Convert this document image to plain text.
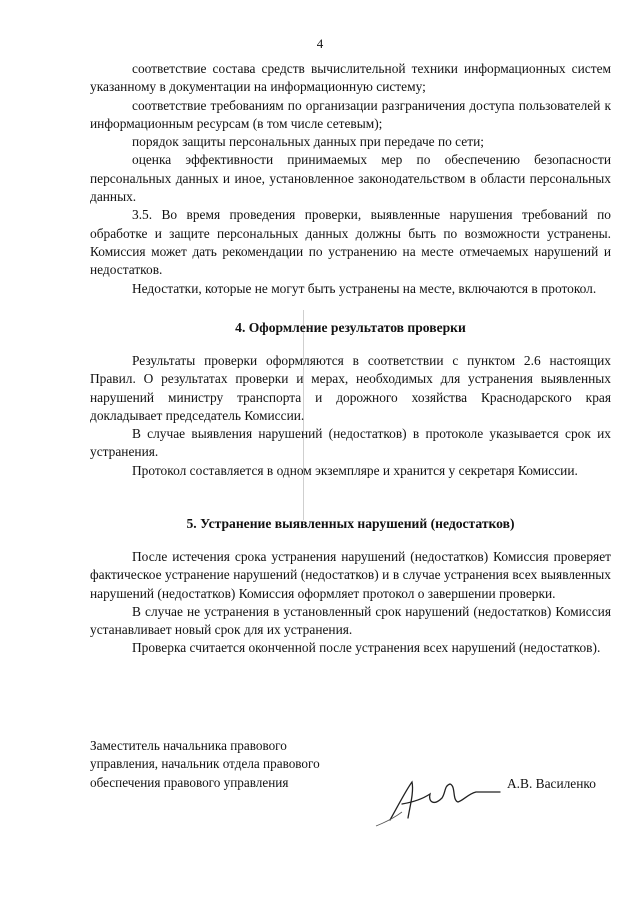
4

соответствие состава средств вычислительной техники информационных систем указанному в документации на информационную систему;

соответствие требованиям по организации разграничения доступа пользователей к информационным ресурсам (в том числе сетевым);

порядок защиты персональных данных при передаче по сети;

оценка эффективности принимаемых мер по обеспечению безопасности персональных данных и иное, установленное законодательством в области персональных данных.

3.5. Во время проведения проверки, выявленные нарушения требований по обработке и защите персональных данных должны быть по возможности устранены. Комиссия может дать рекомендации по устранению на месте отмечаемых нарушений и недостатков.

Недостатки, которые не могут быть устранены на месте, включаются в протокол.

4. Оформление результатов проверки

Результаты проверки оформляются в соответствии с пунктом 2.6 настоящих Правил. О результатах проверки и мерах, необходимых для устранения выявленных нарушений министру транспорта и дорожного хозяйства Краснодарского края докладывает председатель Комиссии.

В случае выявления нарушений (недостатков) в протоколе указывается срок их устранения.

Протокол составляется в одном экземпляре и хранится у секретаря Комиссии.

5. Устранение выявленных нарушений (недостатков)

После истечения срока устранения нарушений (недостатков) Комиссия проверяет фактическое устранение нарушений (недостатков) и в случае устранения всех выявленных нарушений (недостатков) Комиссия оформляет протокол о завершении проверки.

В случае не устранения в установленный срок нарушений (недостатков) Комиссия устанавливает новый срок для их устранения.

Проверка считается оконченной после устранения всех нарушений (недостатков).

Заместитель начальника правового
управления, начальник отдела правового
обеспечения правового управления	А.В. Василенко
